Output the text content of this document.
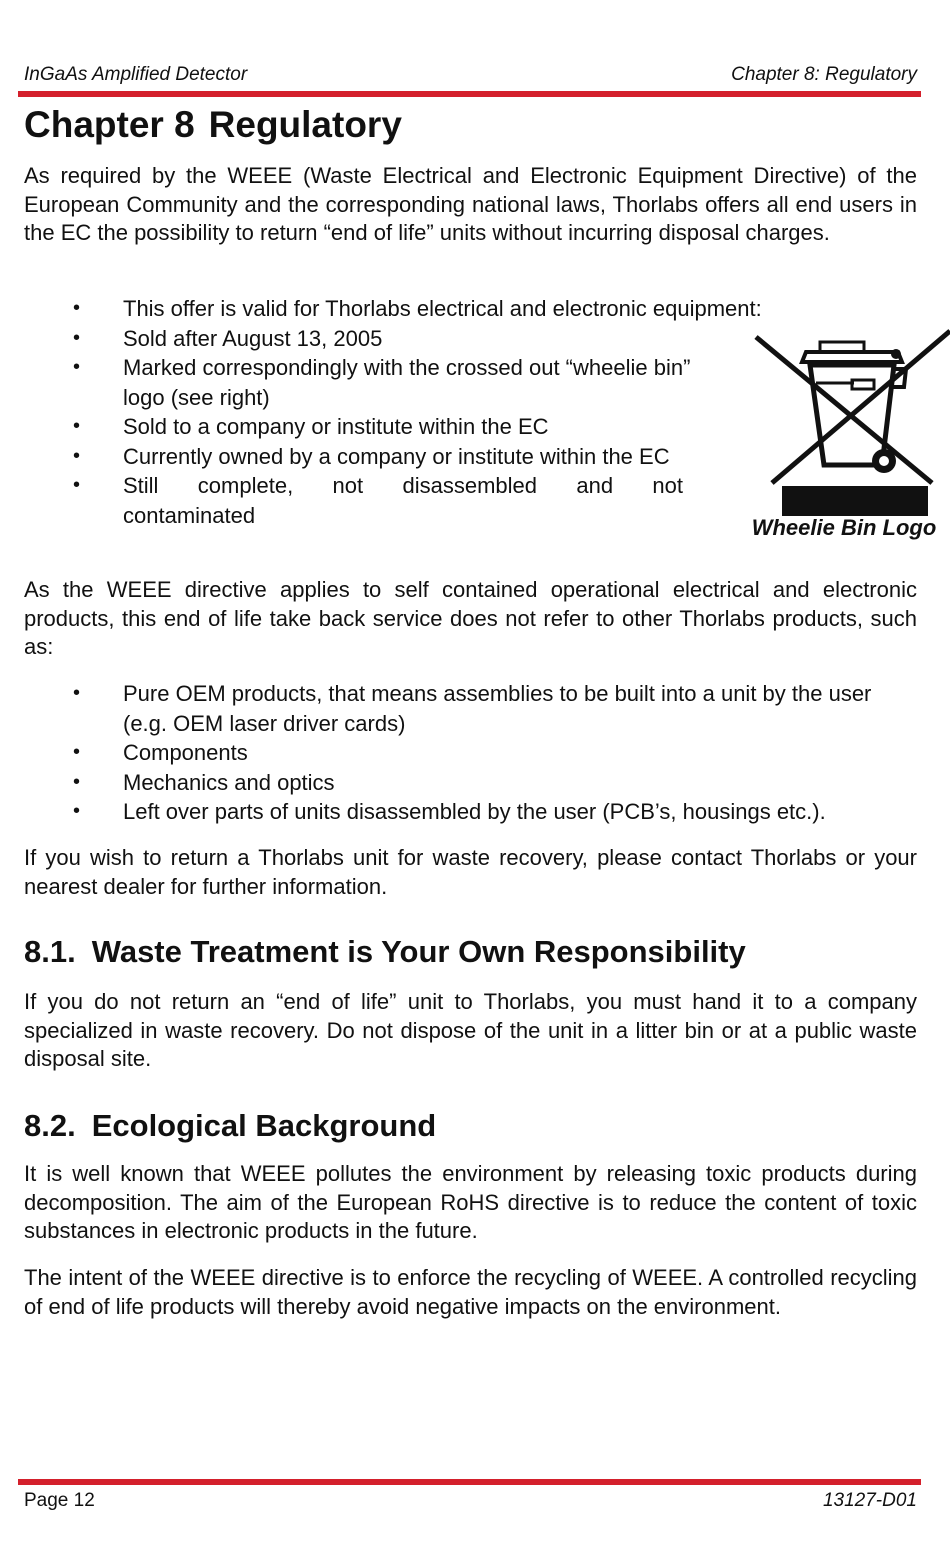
InGaAs Amplified Detector	Chapter 8: Regulatory
Chapter 8 Regulatory

As required by the WEEE (Waste Electrical and Electronic Equipment Directive) of the European Community and the corresponding national laws, Thorlabs offers all end users in the EC the possibility to return “end of life” units without incurring disposal charges.

• This offer is valid for Thorlabs electrical and electronic equipment:
• Sold after August 13, 2005
• Marked correspondingly with the crossed out “wheelie bin” logo (see right)
• Sold to a company or institute within the EC
• Currently owned by a company or institute within the EC
• Still complete, not disassembled and not
contaminated	Wheelie Bin Logo

As the WEEE directive applies to self contained operational electrical and electronic products, this end of life take back service does not refer to other Thorlabs products, such as:

• Pure OEM products, that means assemblies to be built into a unit by the user (e.g. OEM laser driver cards)
• Components
• Mechanics and optics
• Left over parts of units disassembled by the user (PCB’s, housings etc.).

If you wish to return a Thorlabs unit for waste recovery, please contact Thorlabs or your nearest dealer for further information.

8.1. Waste Treatment is Your Own Responsibility

If you do not return an “end of life” unit to Thorlabs, you must hand it to a company specialized in waste recovery. Do not dispose of the unit in a litter bin or at a public waste disposal site.

8.2. Ecological Background

It is well known that WEEE pollutes the environment by releasing toxic products during decomposition. The aim of the European RoHS directive is to reduce the content of toxic substances in electronic products in the future.

The intent of the WEEE directive is to enforce the recycling of WEEE. A controlled recycling of end of life products will thereby avoid negative impacts on the environment.

Page 12	13127-D01
